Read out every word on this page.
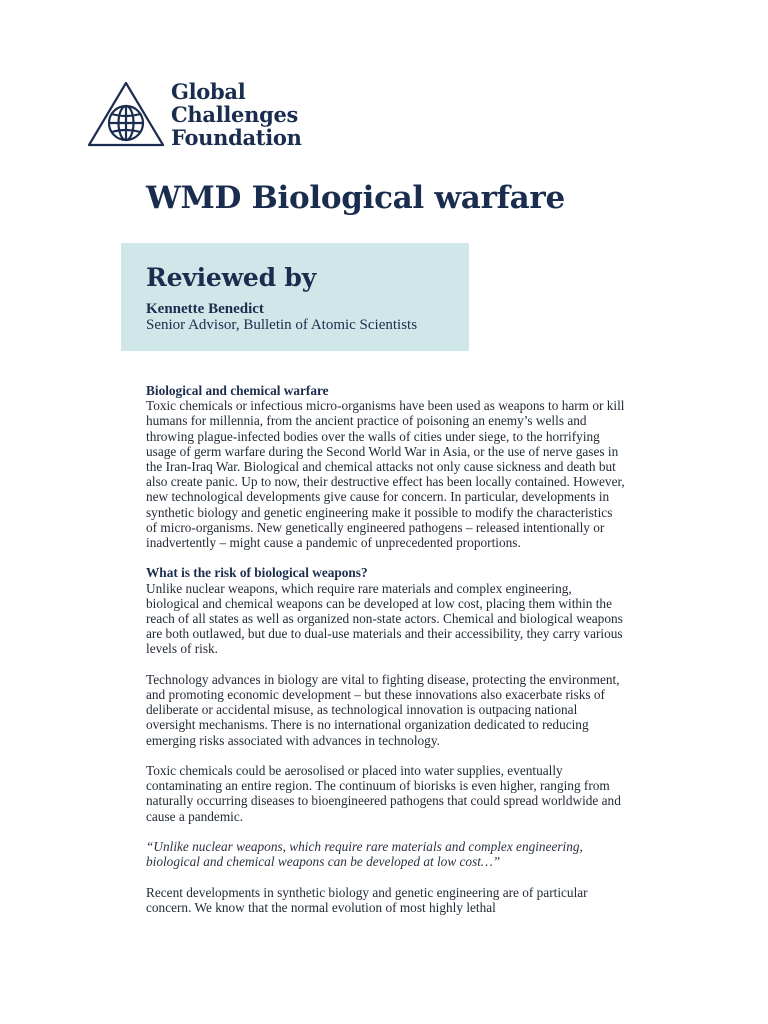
Global
Challenges
Foundation
WMD Biological warfare
Reviewed by
Kennette Benedict
Senior Advisor, Bulletin of Atomic Scientists

Biological and chemical warfare
Toxic chemicals or infectious micro-organisms have been used as weapons to harm or kill humans for millennia, from the ancient practice of poisoning an enemy’s wells and throwing plague-infected bodies over the walls of cities under siege, to the horrifying usage of germ warfare during the Second World War in Asia, or the use of nerve gases in the Iran-Iraq War. Biological and chemical attacks not only cause sickness and death but also create panic. Up to now, their destructive effect has been locally contained. However, new technological developments give cause for concern. In particular, developments in synthetic biology and genetic engineering make it possible to modify the characteristics of micro-organisms. New genetically engineered pathogens – released intentionally or inadvertently – might cause a pandemic of unprecedented proportions.

What is the risk of biological weapons?
Unlike nuclear weapons, which require rare materials and complex engineering, biological and chemical weapons can be developed at low cost, placing them within the reach of all states as well as organized non-state actors. Chemical and biological weapons are both outlawed, but due to dual-use materials and their accessibility, they carry various levels of risk.

Technology advances in biology are vital to fighting disease, protecting the environment, and promoting economic development – but these innovations also exacerbate risks of deliberate or accidental misuse, as technological innovation is outpacing national oversight mechanisms. There is no international organization dedicated to reducing emerging risks associated with advances in technology.

Toxic chemicals could be aerosolised or placed into water supplies, eventually contaminating an entire region. The continuum of biorisks is even higher, ranging from naturally occurring diseases to bioengineered pathogens that could spread worldwide and cause a pandemic.

“Unlike nuclear weapons, which require rare materials and complex engineering, biological and chemical weapons can be developed at low cost…”

Recent developments in synthetic biology and genetic engineering are of particular concern. We know that the normal evolution of most highly lethal
